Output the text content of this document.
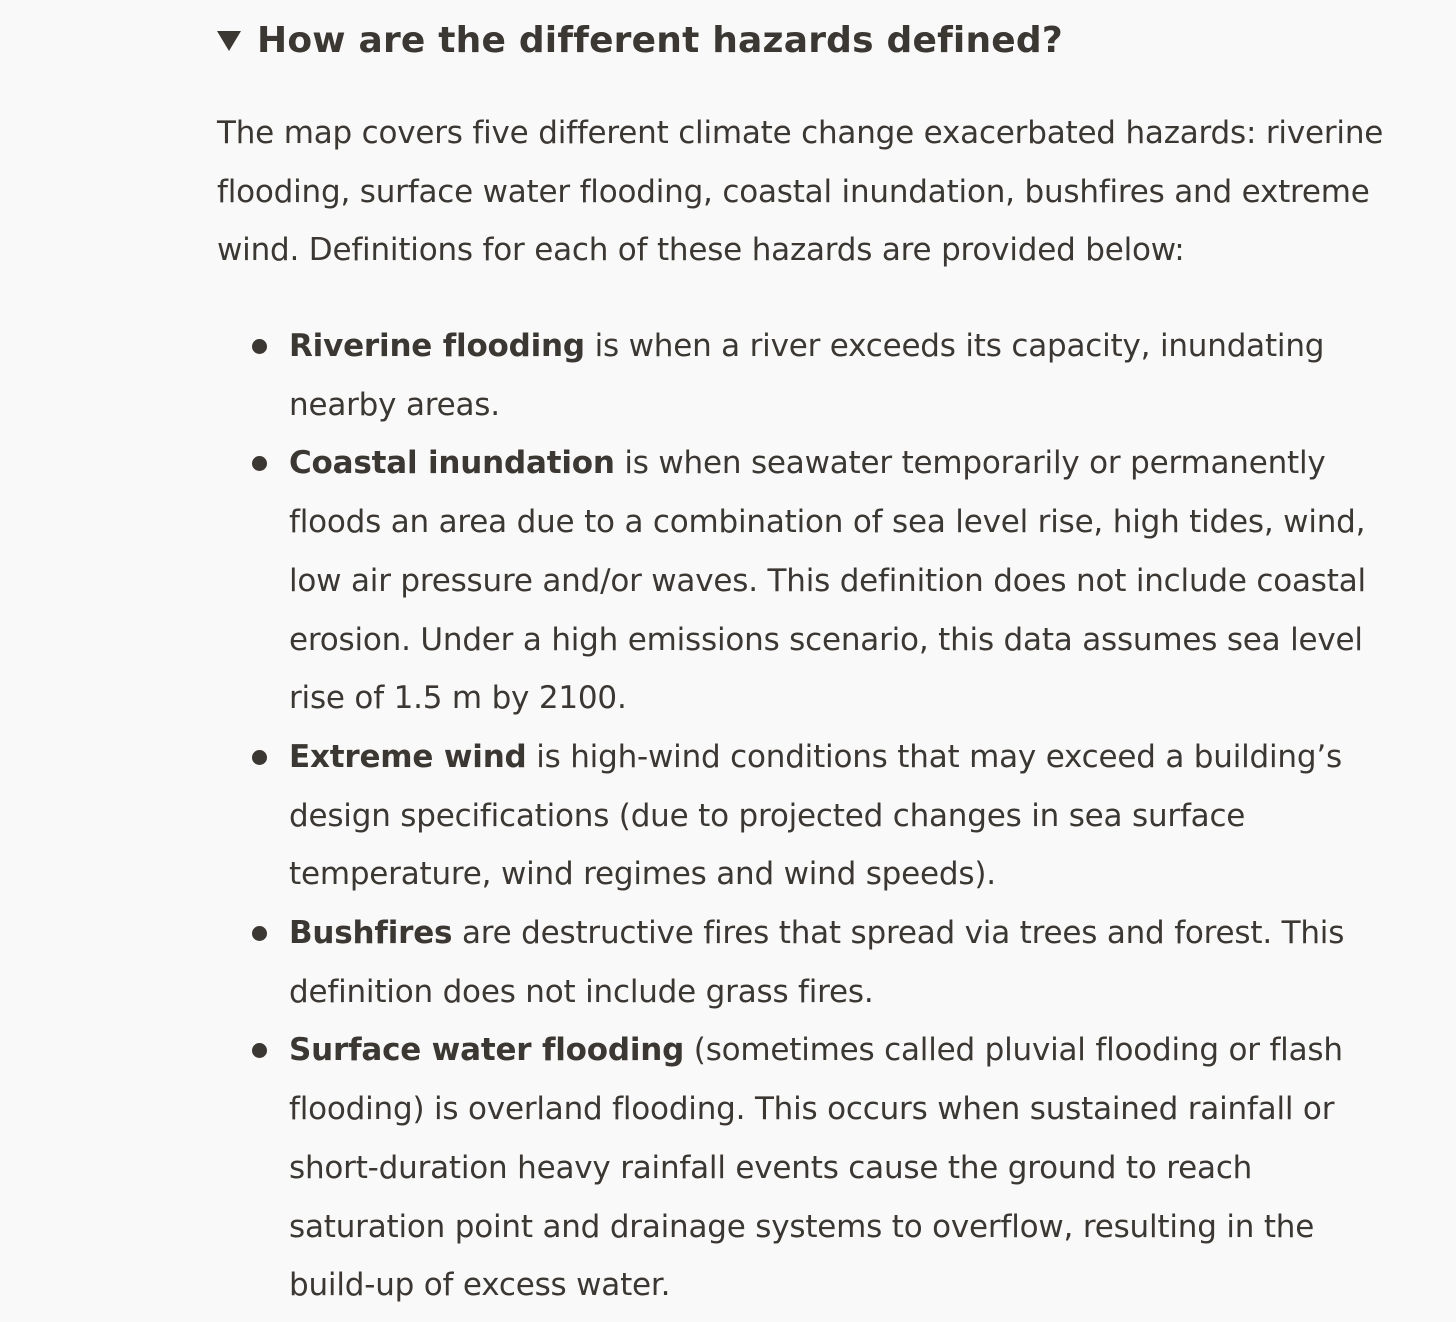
How are the different hazards defined?

The map covers five different climate change exacerbated hazards: riverine
flooding, surface water flooding, coastal inundation, bushfires and extreme
wind. Definitions for each of these hazards are provided below:

Riverine flooding is when a river exceeds its capacity, inundating
nearby areas.
Coastal inundation is when seawater temporarily or permanently
floods an area due to a combination of sea level rise, high tides, wind,
low air pressure and/or waves. This definition does not include coastal
erosion. Under a high emissions scenario, this data assumes sea level
rise of 1.5 m by 2100.
Extreme wind is high-wind conditions that may exceed a building’s
design specifications (due to projected changes in sea surface
temperature, wind regimes and wind speeds).
Bushfires are destructive fires that spread via trees and forest. This
definition does not include grass fires.
Surface water flooding (sometimes called pluvial flooding or flash
flooding) is overland flooding. This occurs when sustained rainfall or
short-duration heavy rainfall events cause the ground to reach
saturation point and drainage systems to overflow, resulting in the
build-up of excess water.
